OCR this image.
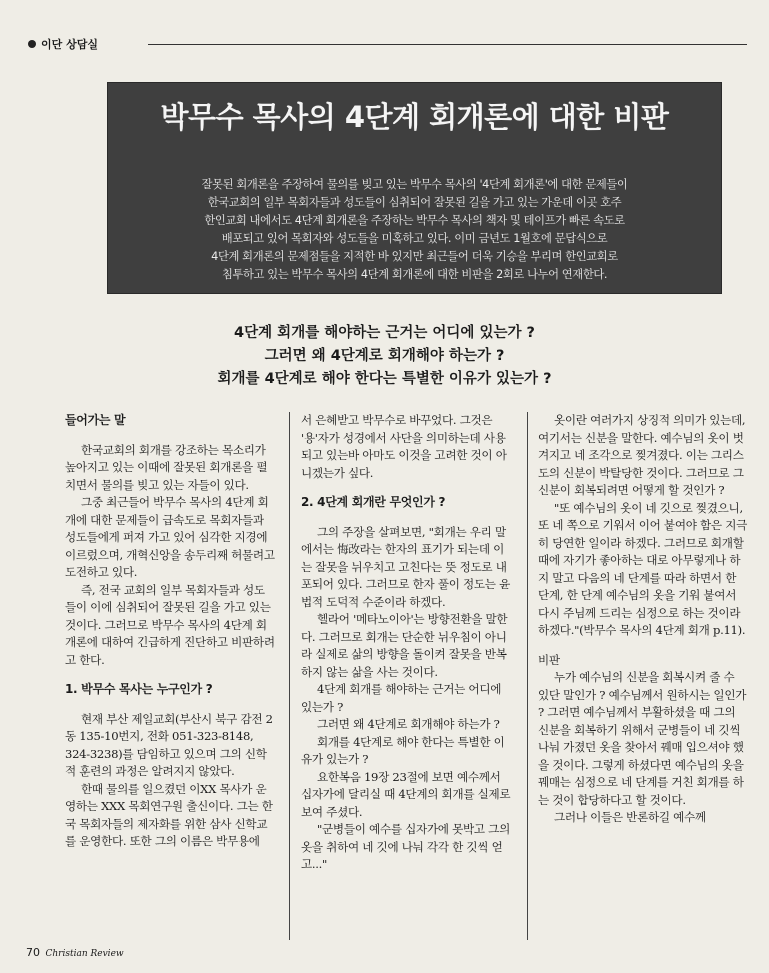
이단 상담실
박무수 목사의 4단계 회개론에 대한 비판
잘못된 회개론을 주장하여 물의를 빚고 있는 박무수 목사의 '4단계 회개론'에 대한 문제들이
한국교회의 일부 목회자들과 성도들이 심취되어 잘못된 길을 가고 있는 가운데 이곳 호주
한인교회 내에서도 4단계 회개론을 주장하는 박무수 목사의 책자 및 테이프가 빠른 속도로
배포되고 있어 목회자와 성도들을 미혹하고 있다. 이미 금년도 1월호에 문답식으로
4단계 회개론의 문제점들을 지적한 바 있지만 최근들어 더욱 기승을 부리며 한인교회로
침투하고 있는 박무수 목사의 4단계 회개론에 대한 비판을 2회로 나누어 연재한다.
4단계 회개를 해야하는 근거는 어디에 있는가 ?
그러면 왜 4단계로 회개해야 하는가 ?
회개를 4단계로 해야 한다는 특별한 이유가 있는가 ?
들어가는 말

한국교회의 회개를 강조하는 목소리가 높아지고 있는 이때에 잘못된 회개론을 펼치면서 물의를 빚고 있는 자들이 있다.

그중 최근들어 박무수 목사의 4단계 회개에 대한 문제들이 급속도로 목회자들과 성도들에게 퍼져 가고 있어 심각한 지경에 이르렀으며, 개혁신앙을 송두리째 허물려고 도전하고 있다.

즉, 전국 교회의 일부 목회자들과 성도들이 이에 심취되어 잘못된 길을 가고 있는 것이다. 그러므로 박무수 목사의 4단계 회개론에 대하여 긴급하게 진단하고 비판하려고 한다.

1. 박무수 목사는 누구인가 ?

현재 부산 제일교회(부산시 북구 감전 2동 135-10번지, 전화 051-323-8148, 324-3238)를 담임하고 있으며 그의 신학적 훈련의 과정은 알려지지 않았다.

한때 물의를 일으켰던 이XX 목사가 운영하는 XXX 목회연구원 출신이다. 그는 한국 목회자들의 제자화를 위한 삼사 신학교를 운영한다. 또한 그의 이름은 박무용에

서 은혜받고 박무수로 바꾸었다. 그것은 '용'자가 성경에서 사단을 의미하는데 사용되고 있는바 아마도 이것을 고려한 것이 아니겠는가 싶다.

2. 4단계 회개란 무엇인가 ?

그의 주장을 살펴보면, "회개는 우리 말에서는 悔改라는 한자의 표기가 되는데 이는 잘못을 뉘우치고 고친다는 뜻 정도로 내포되어 있다. 그러므로 한자 풀이 정도는 윤법적 도덕적 수준이라 하겠다.

헬라어 '메타노이아'는 방향전환을 말한다. 그러므로 회개는 단순한 뉘우침이 아니라 실제로 삶의 방향을 돌이켜 잘못을 반복하지 않는 삶을 사는 것이다.

4단계 회개를 해야하는 근거는 어디에 있는가 ?

그러면 왜 4단계로 회개해야 하는가 ?

회개를 4단계로 해야 한다는 특별한 이유가 있는가 ?

요한복음 19장 23절에 보면 예수께서 십자가에 달리실 때 4단계의 회개를 실제로 보여 주셨다.

"군병들이 예수를 십자가에 못박고 그의 옷을 취하여 네 깃에 나눠 각각 한 깃씩 얻고..."

옷이란 여러가지 상징적 의미가 있는데, 여기서는 신분을 말한다. 예수님의 옷이 벗겨지고 네 조각으로 찢겨졌다. 이는 그리스도의 신분이 박탈당한 것이다. 그러므로 그 신분이 회복되려면 어떻게 할 것인가 ?

"또 예수님의 옷이 네 깃으로 찢겼으니, 또 네 쪽으로 기워서 이어 붙여야 함은 지극히 당연한 일이라 하겠다. 그러므로 회개할 때에 자기가 좋아하는 대로 아무렇게나 하지 말고 다음의 네 단계를 따라 하면서 한 단계, 한 단계 예수님의 옷을 기워 붙여서 다시 주님께 드리는 심정으로 하는 것이라 하겠다."(박무수 목사의 4단계 회개 p.11).

비판

누가 예수님의 신분을 회복시켜 줄 수 있단 말인가 ? 예수님께서 원하시는 일인가 ? 그러면 예수님께서 부활하셨을 때 그의 신분을 회복하기 위해서 군병들이 네 깃씩 나눠 가졌던 옷을 찾아서 꿰매 입으셔야 했을 것이다. 그렇게 하셨다면 예수님의 옷을 꿰매는 심정으로 네 단계를 거친 회개를 하는 것이 합당하다고 할 것이다.

그러나 이들은 반론하길 예수께

70 Christian Review
